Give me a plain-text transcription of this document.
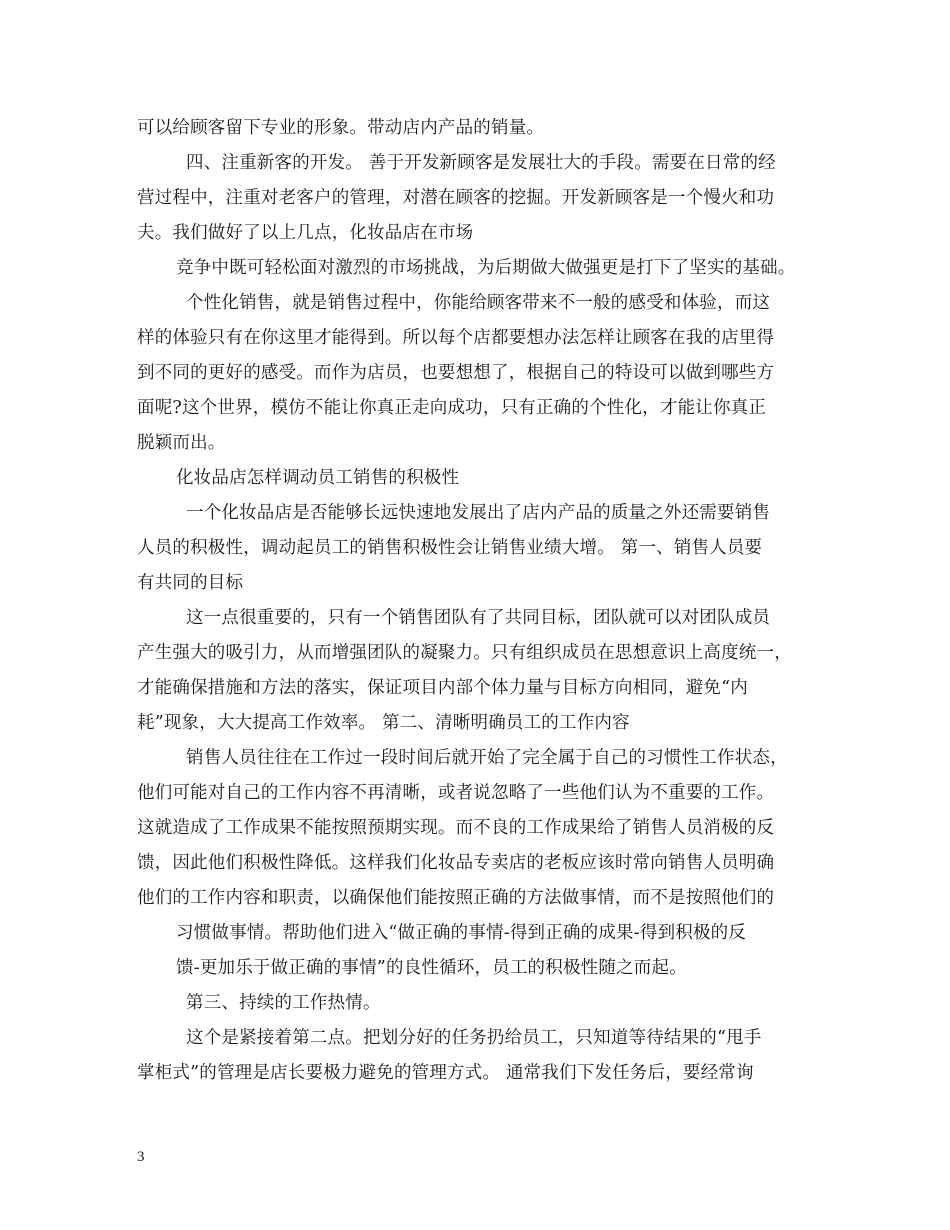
可以给顾客留下专业的形象。带动店内产品的销量。
四、注重新客的开发。 善于开发新顾客是发展壮大的手段。需要在日常的经
营过程中，注重对老客户的管理，对潜在顾客的挖掘。开发新顾客是一个慢火和功
夫。我们做好了以上几点，化妆品店在市场
竞争中既可轻松面对激烈的市场挑战，为后期做大做强更是打下了坚实的基础。
个性化销售，就是销售过程中，你能给顾客带来不一般的感受和体验，而这
样的体验只有在你这里才能得到。所以每个店都要想办法怎样让顾客在我的店里得
到不同的更好的感受。而作为店员，也要想想了，根据自己的特设可以做到哪些方
面呢?这个世界，模仿不能让你真正走向成功，只有正确的个性化，才能让你真正
脱颖而出。
化妆品店怎样调动员工销售的积极性
一个化妆品店是否能够长远快速地发展出了店内产品的质量之外还需要销售
人员的积极性，调动起员工的销售积极性会让销售业绩大增。 第一、销售人员要
有共同的目标
这一点很重要的，只有一个销售团队有了共同目标，团队就可以对团队成员
产生强大的吸引力，从而增强团队的凝聚力。只有组织成员在思想意识上高度统一，
才能确保措施和方法的落实，保证项目内部个体力量与目标方向相同，避免“内
耗”现象，大大提高工作效率。 第二、清晰明确员工的工作内容
销售人员往往在工作过一段时间后就开始了完全属于自己的习惯性工作状态，
他们可能对自己的工作内容不再清晰，或者说忽略了一些他们认为不重要的工作。
这就造成了工作成果不能按照预期实现。而不良的工作成果给了销售人员消极的反
馈，因此他们积极性降低。这样我们化妆品专卖店的老板应该时常向销售人员明确
他们的工作内容和职责，以确保他们能按照正确的方法做事情，而不是按照他们的
习惯做事情。帮助他们进入“做正确的事情-得到正确的成果-得到积极的反
馈-更加乐于做正确的事情”的良性循环，员工的积极性随之而起。
第三、持续的工作热情。
这个是紧接着第二点。把划分好的任务扔给员工，只知道等待结果的“甩手
掌柜式”的管理是店长要极力避免的管理方式。 通常我们下发任务后，要经常询
3
